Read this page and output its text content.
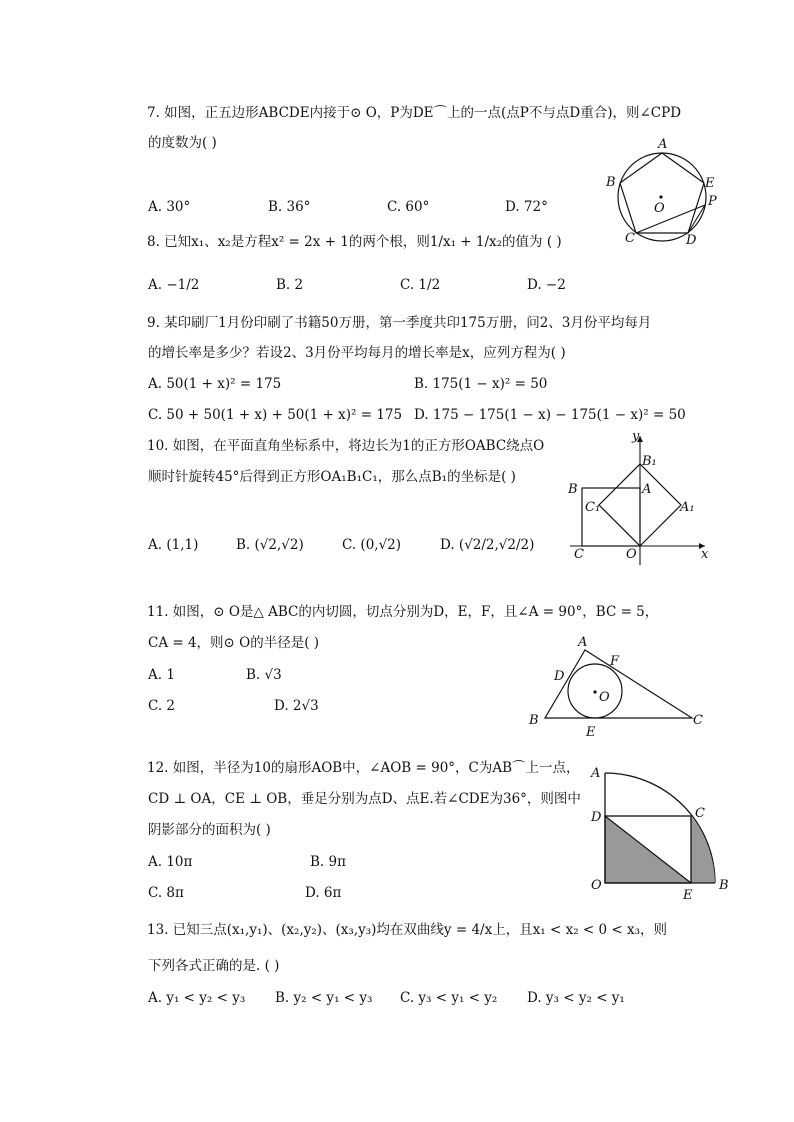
7. 如图，正五边形ABCDE内接于⊙ O，P为DE⌒上的一点(点P不与点D重合)，则∠CPD
的度数为( )
A. 30°	B. 36°	C. 60°	D. 72°
A
B
C	D
E
P
O
8. 已知x₁、x₂是方程x² = 2x + 1的两个根，则1/x₁ + 1/x₂的值为 ( )
A. −1/2	B. 2	C. 1/2	D. −2
9. 某印刷厂1月份印刷了书籍50万册，第一季度共印175万册，问2、3月份平均每月
的增长率是多少？若设2、3月份平均每月的增长率是x，应列方程为( )
A. 50(1 + x)² = 175	B. 175(1 − x)² = 50
C. 50 + 50(1 + x) + 50(1 + x)² = 175 D. 175 − 175(1 − x) − 175(1 − x)² = 50
10. 如图，在平面直角坐标系中，将边长为1的正方形OABC绕点O
顺时针旋转45°后得到正方形OA₁B₁C₁，那么点B₁的坐标是( )
A. (1,1)	B. (√2,√2)	C. (0,√2)	D. (√2/2,√2/2)
y
x
B₁
B	A
C₁	A₁
C	O
11. 如图，⊙ O是△ ABC的内切圆，切点分别为D，E，F，且∠A = 90°，BC = 5，
CA = 4，则⊙ O的半径是( )
A. 1	B. √3
C. 2	D. 2√3
A
B	C
D
E
F
O
12. 如图，半径为10的扇形AOB中，∠AOB = 90°，C为AB⌒上一点，
CD ⊥ OA，CE ⊥ OB，垂足分别为点D、点E.若∠CDE为36°，则图中
阴影部分的面积为( )
A. 10π	B. 9π
C. 8π	D. 6π
A
B
C
D
E
O
13. 已知三点(x₁,y₁)、(x₂,y₂)、(x₃,y₃)均在双曲线y = 4/x上，且x₁ < x₂ < 0 < x₃，则
下列各式正确的是. ( )
A. y₁ < y₂ < y₃ B. y₂ < y₁ < y₃ C. y₃ < y₁ < y₂ D. y₃ < y₂ < y₁
